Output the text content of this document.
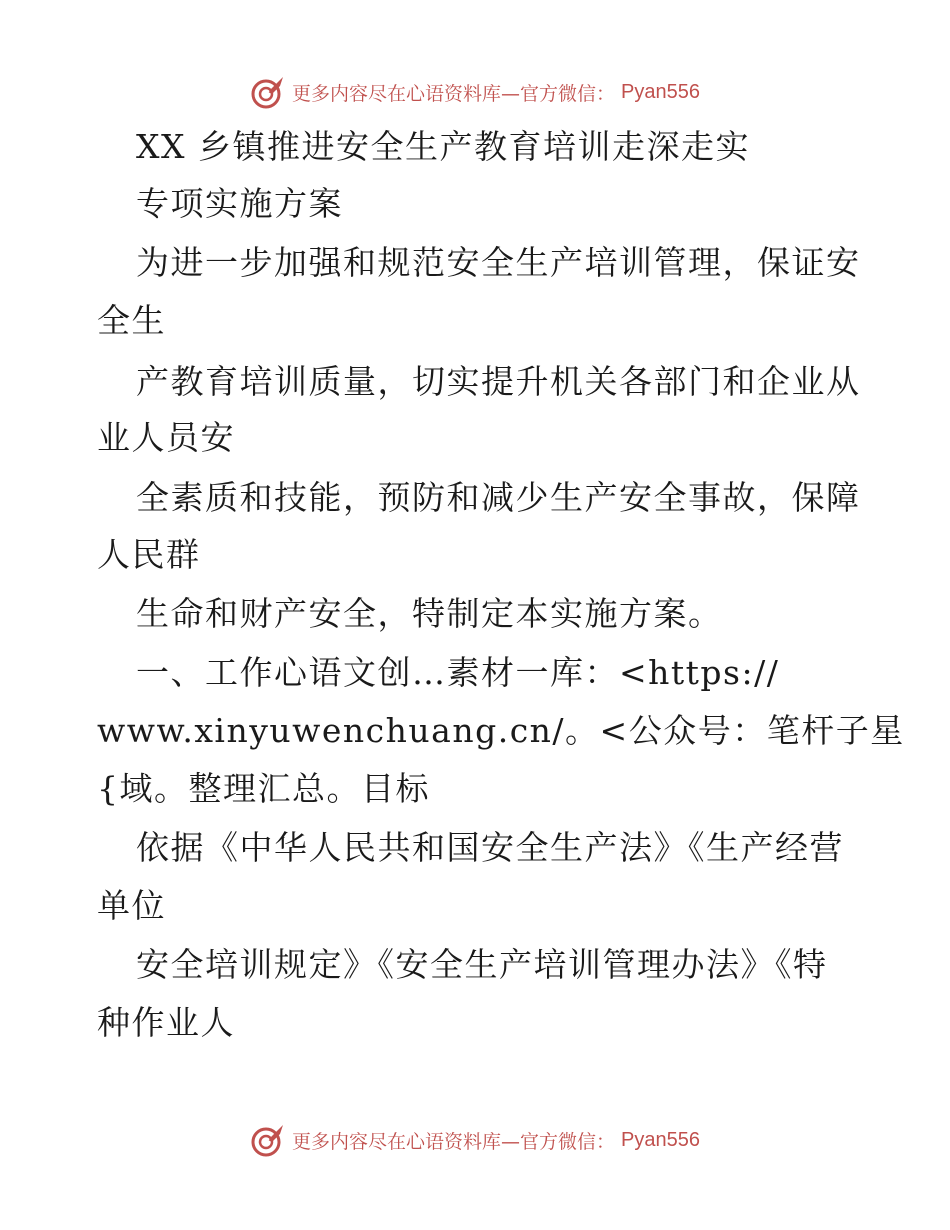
更多内容尽在心语资料库—官方微信： Pyan556
XX 乡镇推进安全生产教育培训走深走实
专项实施方案
为进一步加强和规范安全生产培训管理，保证安
全生
产教育培训质量，切实提升机关各部门和企业从
业人员安
全素质和技能，预防和减少生产安全事故，保障
人民群
生命和财产安全，特制定本实施方案。
一、工作心语文创…素材一库：<https://
www.xinyuwenchuang.cn/。<公众号：笔杆子星
{域。整理汇总。目标
依据《中华人民共和国安全生产法》《生产经营
单位
安全培训规定》《安全生产培训管理办法》《特
种作业人
更多内容尽在心语资料库—官方微信： Pyan556
